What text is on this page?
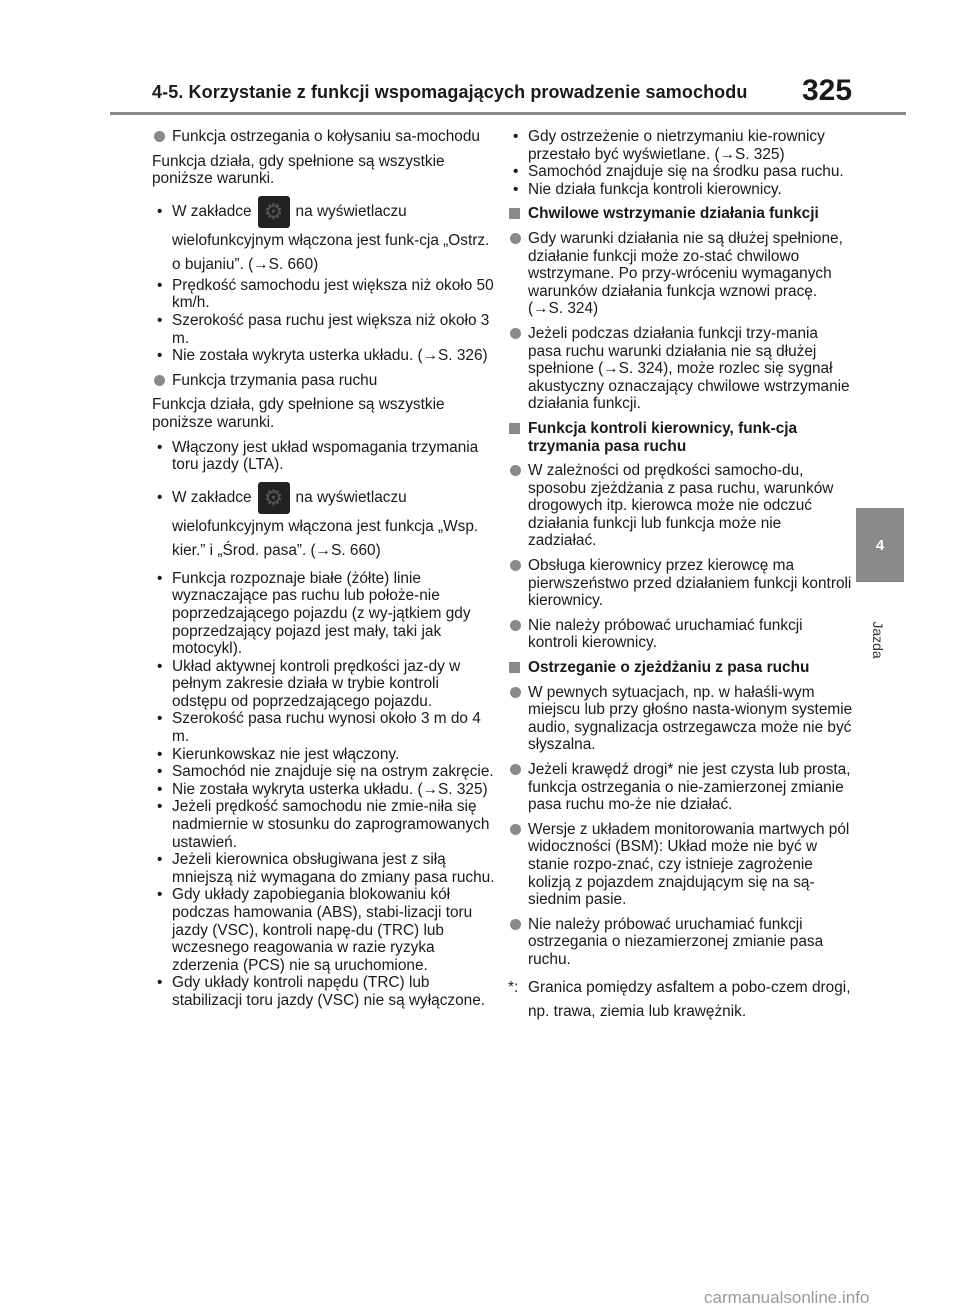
4-5. Korzystanie z funkcji wspomagających prowadzenie samochodu 325
4
Jazda
Funkcja ostrzegania o kołysaniu sa-mochodu
Funkcja działa, gdy spełnione są wszystkie poniższe warunki.
• W zakładce ⚙	na wyświetlaczu
wielofunkcyjnym włączona jest funk-cja „Ostrz. o bujaniu”. (→S. 660)
• Prędkość samochodu jest większa niż około 50 km/h.
• Szerokość pasa ruchu jest większa niż około 3 m.
• Nie została wykryta usterka układu. (→S. 326)
Funkcja trzymania pasa ruchu
Funkcja działa, gdy spełnione są wszystkie poniższe warunki.
• Włączony jest układ wspomagania trzymania toru jazdy (LTA).
• W zakładce ⚙	na wyświetlaczu
wielofunkcyjnym włączona jest funkcja „Wsp. kier.” i „Środ. pasa”. (→S. 660)
• Funkcja rozpoznaje białe (żółte) linie wyznaczające pas ruchu lub położe-nie poprzedzającego pojazdu (z wy-jątkiem gdy poprzedzający pojazd jest mały, taki jak motocykl).
• Układ aktywnej kontroli prędkości jaz-dy w pełnym zakresie działa w trybie kontroli odstępu od poprzedzającego pojazdu.
• Szerokość pasa ruchu wynosi około 3 m do 4 m.
• Kierunkowskaz nie jest włączony.
• Samochód nie znajduje się na ostrym zakręcie.
• Nie została wykryta usterka układu. (→S. 325)
• Jeżeli prędkość samochodu nie zmie-niła się nadmiernie w stosunku do zaprogramowanych ustawień.
• Jeżeli kierownica obsługiwana jest z siłą mniejszą niż wymagana do zmiany pasa ruchu.
• Gdy układy zapobiegania blokowaniu kół podczas hamowania (ABS), stabi-lizacji toru jazdy (VSC), kontroli napę-du (TRC) lub wczesnego reagowania w razie ryzyka zderzenia (PCS) nie są uruchomione.
• Gdy układy kontroli napędu (TRC) lub stabilizacji toru jazdy (VSC) nie są wyłączone.
• Gdy ostrzeżenie o nietrzymaniu kie-rownicy przestało być wyświetlane. (→S. 325)
• Samochód znajduje się na środku pasa ruchu.
• Nie działa funkcja kontroli kierownicy.
Chwilowe wstrzymanie działania funkcji
Gdy warunki działania nie są dłużej spełnione, działanie funkcji może zo-stać chwilowo wstrzymane. Po przy-wróceniu wymaganych warunków działania funkcja wznowi pracę. (→S. 324)
Jeżeli podczas działania funkcji trzy-mania pasa ruchu warunki działania nie są dłużej spełnione (→S. 324), może rozlec się sygnał akustyczny oznaczający chwilowe wstrzymanie działania funkcji.
Funkcja kontroli kierownicy, funk-cja trzymania pasa ruchu
W zależności od prędkości samocho-du, sposobu zjeżdżania z pasa ruchu, warunków drogowych itp. kierowca może nie odczuć działania funkcji lub funkcja może nie zadziałać.
Obsługa kierownicy przez kierowcę ma pierwszeństwo przed działaniem funkcji kontroli kierownicy.
Nie należy próbować uruchamiać funkcji kontroli kierownicy.
Ostrzeganie o zjeżdżaniu z pasa ruchu
W pewnych sytuacjach, np. w hałaśli-wym miejscu lub przy głośno nasta-wionym systemie audio, sygnalizacja ostrzegawcza może nie być słyszalna.
Jeżeli krawędź drogi* nie jest czysta lub prosta, funkcja ostrzegania o nie-zamierzonej zmianie pasa ruchu mo-że nie działać.
Wersje z układem monitorowania martwych pól widoczności (BSM): Układ może nie być w stanie rozpo-znać, czy istnieje zagrożenie kolizją z pojazdem znajdującym się na są-siednim pasie.
Nie należy próbować uruchamiać funkcji ostrzegania o niezamierzonej zmianie pasa ruchu.
*: Granica pomiędzy asfaltem a pobo-czem drogi, np. trawa, ziemia lub krawężnik.
carmanualsonline.info
